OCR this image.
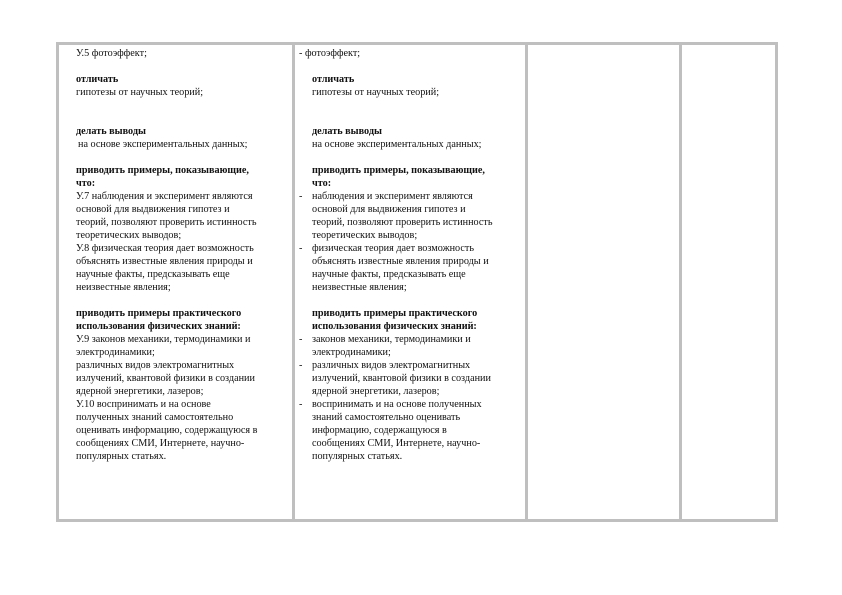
У.5 фотоэффект;
отличать
гипотезы от научных теорий;
делать выводы
на основе экспериментальных данных;
приводить примеры, показывающие,
что:
У.7 наблюдения и эксперимент являются
основой для выдвижения гипотез и
теорий, позволяют проверить истинность
теоретических выводов;
У.8 физическая теория дает возможность
объяснять известные явления природы и
научные факты, предсказывать еще
неизвестные явления;
приводить примеры практического
использования физических знаний:
У.9 законов механики, термодинамики и
электродинамики;
различных видов электромагнитных
излучений, квантовой физики в создании
ядерной энергетики, лазеров;
У.10 воспринимать и на основе
полученных знаний самостоятельно
оценивать информацию, содержащуюся в
сообщениях СМИ, Интернете, научно-
популярных статьях.
- фотоэффект;
отличать
гипотезы от научных теорий;
делать выводы
на основе экспериментальных данных;
приводить примеры, показывающие,
что:
- наблюдения и эксперимент являются
основой для выдвижения гипотез и
теорий, позволяют проверить истинность
теоретических выводов;
- физическая теория дает возможность
объяснять известные явления природы и
научные факты, предсказывать еще
неизвестные явления;
приводить примеры практического
использования физических знаний:
- законов механики, термодинамики и
электродинамики;
- различных видов электромагнитных
излучений, квантовой физики в создании
ядерной энергетики, лазеров;
- воспринимать и на основе полученных
знаний самостоятельно оценивать
информацию, содержащуюся в
сообщениях СМИ, Интернете, научно-
популярных статьях.
